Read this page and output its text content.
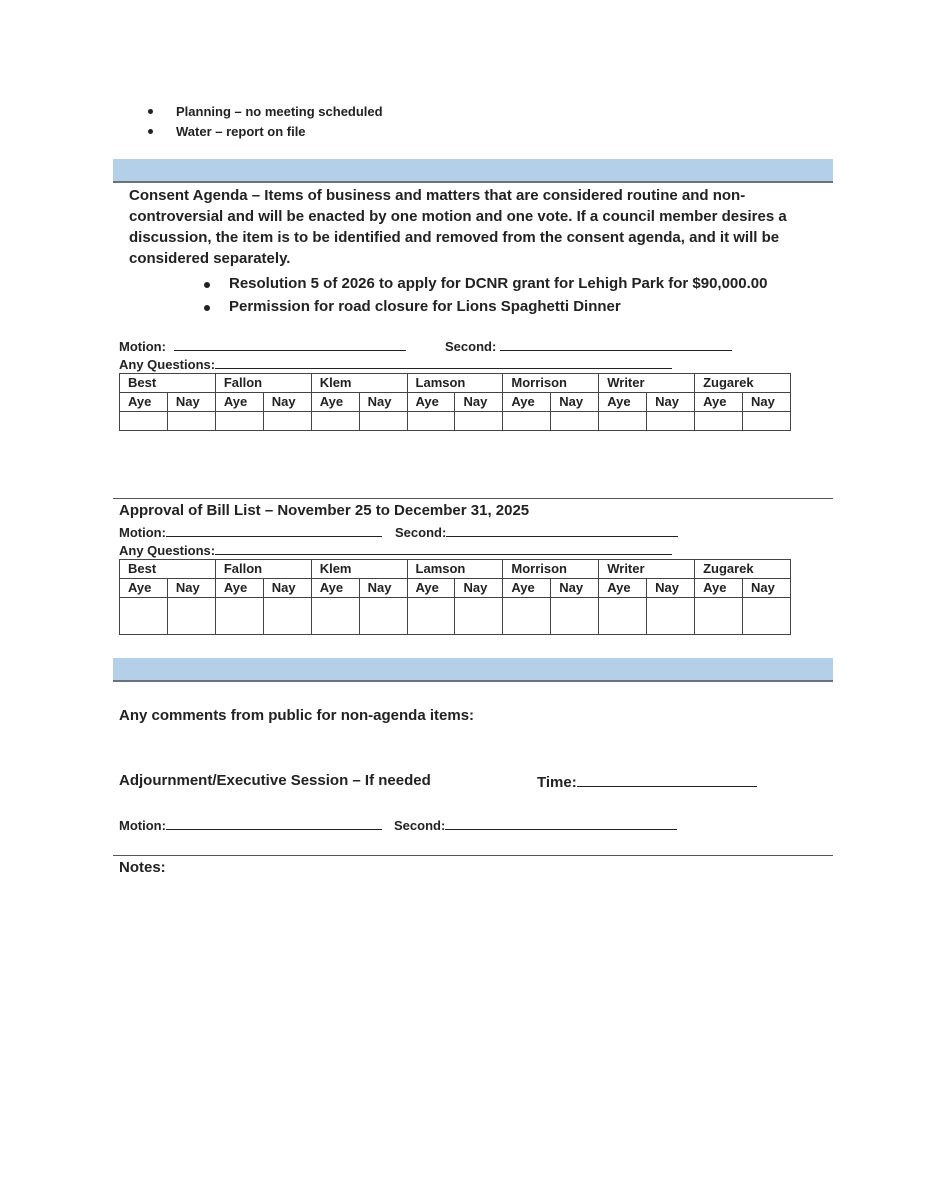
Planning – no meeting scheduled
Water – report on file
Consent Agenda – Items of business and matters that are considered routine and non-controversial and will be enacted by one motion and one vote. If a council member desires a discussion, the item is to be identified and removed from the consent agenda, and it will be considered separately.
Resolution 5 of 2026 to apply for DCNR grant for Lehigh Park for $90,000.00
Permission for road closure for Lions Spaghetti Dinner
Motion:	Second:
Any Questions:
Best		Fallon		Klem		Lamson		Morrison		Writer		Zugarek	
Aye	Nay	Aye	Nay	Aye	Nay	Aye	Nay	Aye	Nay	Aye	Nay	Aye	Nay

Approval of Bill List – November 25 to December 31, 2025
Motion:	Second:
Any Questions:
Best		Fallon		Klem		Lamson		Morrison		Writer		Zugarek	
Aye	Nay	Aye	Nay	Aye	Nay	Aye	Nay	Aye	Nay	Aye	Nay	Aye	Nay

Any comments from public for non-agenda items:
Adjournment/Executive Session – If needed	Time:
Motion:	Second:
Notes:
